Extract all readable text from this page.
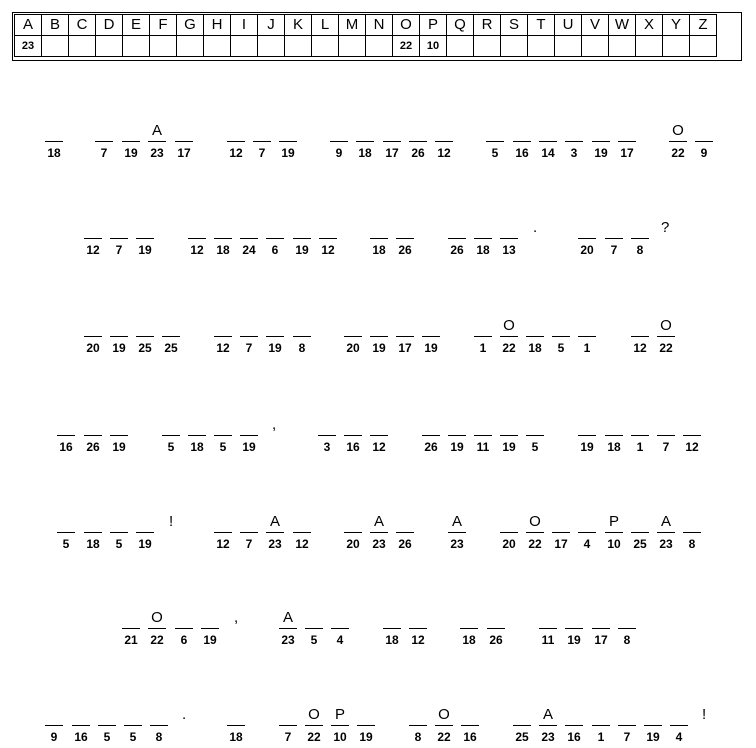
A	B	C	D	E	F	G	H	I	J	K	L	M	N	O	P	Q	R	S	T	U	V	W	X	Y	Z
23														22	10										
18	7	19
A
23	17	12	7	19	9	18	17	26	12	5	16	14	3	19	17
O
22	9
12	7	19	12	18	24	6	19	12	18	26	26	18	13	20	7	8
.	?
20	19	25	25	12	7	19	8	20	19	17	19	1
O
22	18	5	1	12
O
22
16	26	19	5	18	5	19	3	16	12	26	19	11	19	5	19	18	1	7	12
,
5	18	5	19	12	7
A
23	12	20
A
23	26
A
23	20
O
22	17	4
P
10	25
A
23	8
!
21
O
22	6	19
A
23	5	4	18	12	18	26	11	19	17	8
,
9	16	5	5	8	18	7
O
22
P
10	19	8
O
22	16	25
A
23	16	1	7	19	4
.	!
